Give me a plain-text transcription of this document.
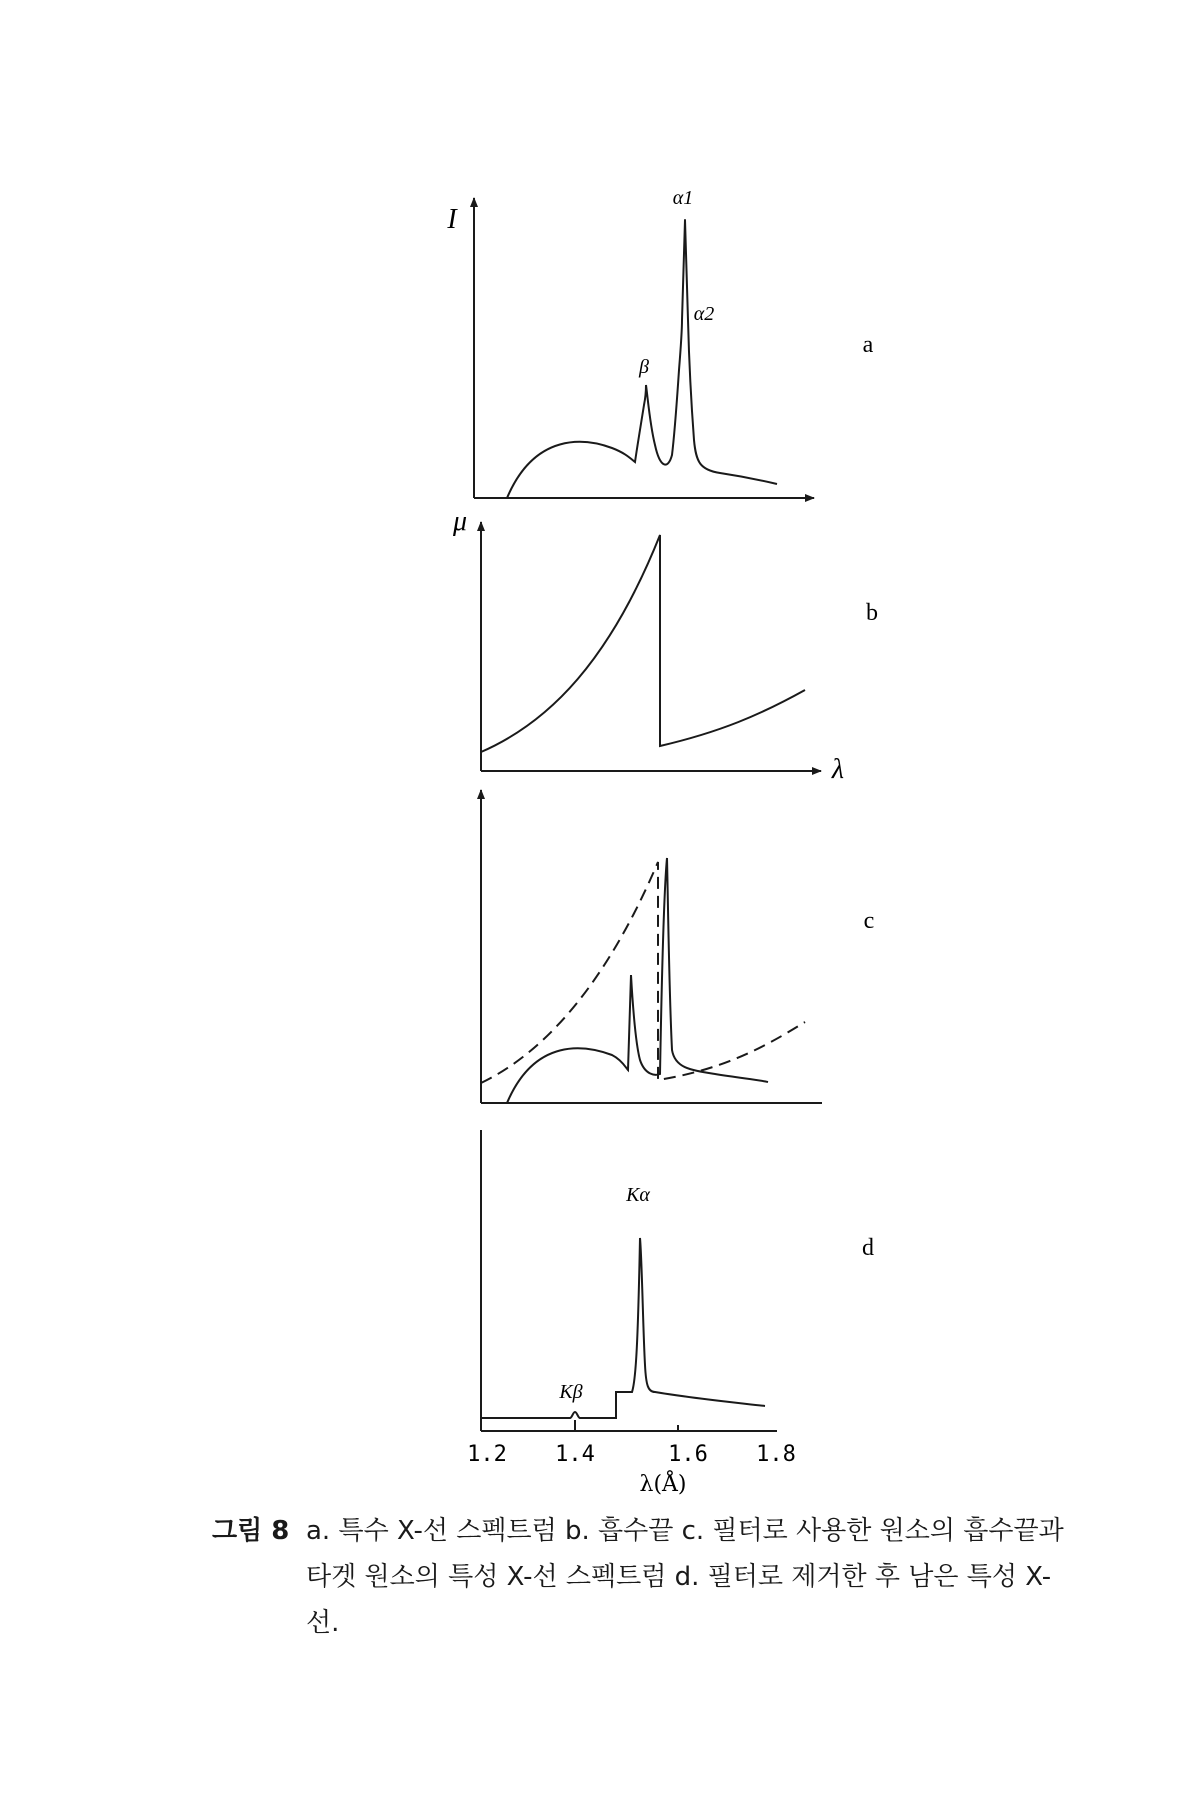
I
α1
α2
β
a
μ
λ
b
c
Kα
Kβ
d
1.2 1.4	1.6 1.8
λ(Å)
그림 8 a. 특수 X-선 스펙트럼 b. 흡수끝 c. 필터로 사용한 원소의 흡수끝과 타겟 원소의 특성 X-선 스펙트럼 d. 필터로 제거한 후 남은 특성 X-선.
